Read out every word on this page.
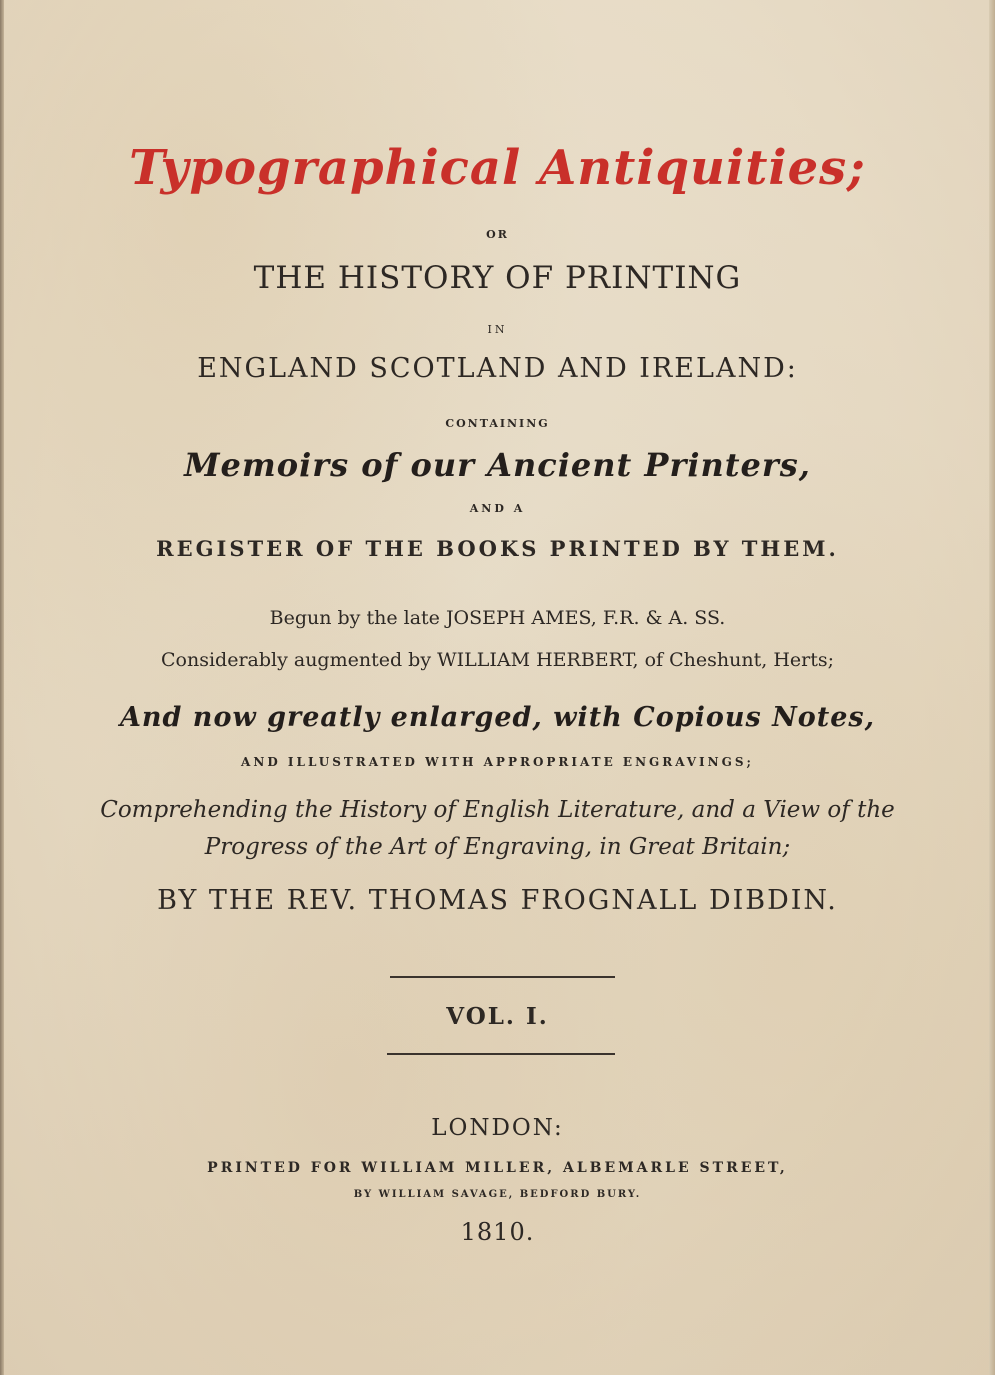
Typographical Antiquities;
OR
THE HISTORY OF PRINTING
IN
ENGLAND SCOTLAND AND IRELAND:
CONTAINING
Memoirs of our Ancient Printers,
AND A
REGISTER OF THE BOOKS PRINTED BY THEM.
Begun by the late JOSEPH AMES, F.R. & A. SS.
Considerably augmented by WILLIAM HERBERT, of Cheshunt, Herts;
And now greatly enlarged, with Copious Notes,
AND ILLUSTRATED WITH APPROPRIATE ENGRAVINGS;
Comprehending the History of English Literature, and a View of the
Progress of the Art of Engraving, in Great Britain;
BY THE REV. THOMAS FROGNALL DIBDIN.
VOL. I.
LONDON:
PRINTED FOR WILLIAM MILLER, ALBEMARLE STREET,
BY WILLIAM SAVAGE, BEDFORD BURY.
1810.
